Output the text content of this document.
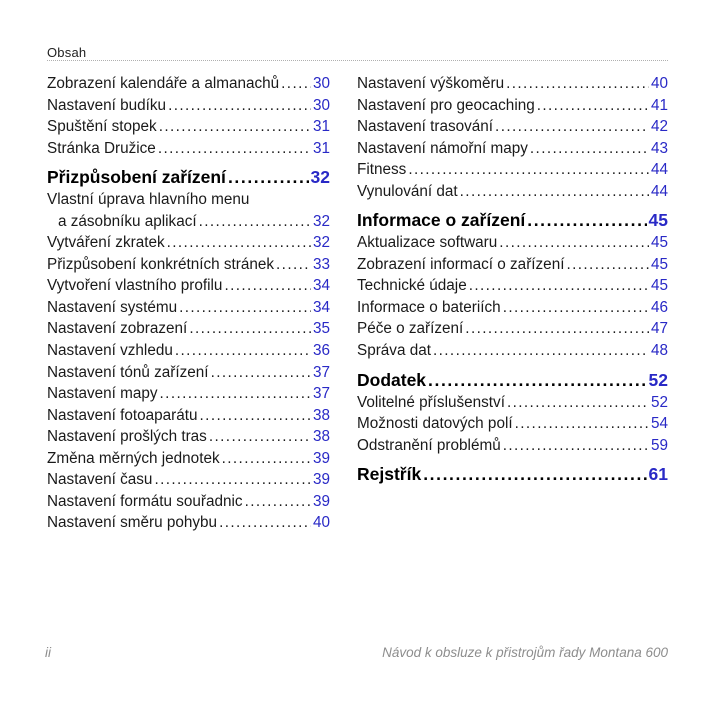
Obsah
Zobrazení kalendáře a almanachů ..... 30
Nastavení budíku .....	30
Spuštění stopek .....	31
Stránka Družice .....	31
Přizpůsobení zařízení .....	32
Vlastní úprava hlavního menu
a zásobníku aplikací .....	32
Vytváření zkratek .....	32
Přizpůsobení konkrétních stránek .....	33
Vytvoření vlastního profilu .....	34
Nastavení systému .....	34
Nastavení zobrazení .....	35
Nastavení vzhledu .....	36
Nastavení tónů zařízení .....	37
Nastavení mapy .....	37
Nastavení fotoaparátu .....	38
Nastavení prošlých tras .....	38
Změna měrných jednotek .....	39
Nastavení času .....	39
Nastavení formátu souřadnic .....	39
Nastavení směru pohybu .....	40
Nastavení výškoměru .....	40
Nastavení pro geocaching .....	41
Nastavení trasování .....	42
Nastavení námořní mapy .....	43
Fitness .....	44
Vynulování dat .....	44
Informace o zařízení .....	45
Aktualizace softwaru .....	45
Zobrazení informací o zařízení .....	45
Technické údaje .....	45
Informace o bateriích .....	46
Péče o zařízení .....	47
Správa dat .....	48
Dodatek .....	52
Volitelné příslušenství .....	52
Možnosti datových polí .....	54
Odstranění problémů .....	59
Rejstřík .....	61
ii	Návod k obsluze k přistrojům řady Montana 600
